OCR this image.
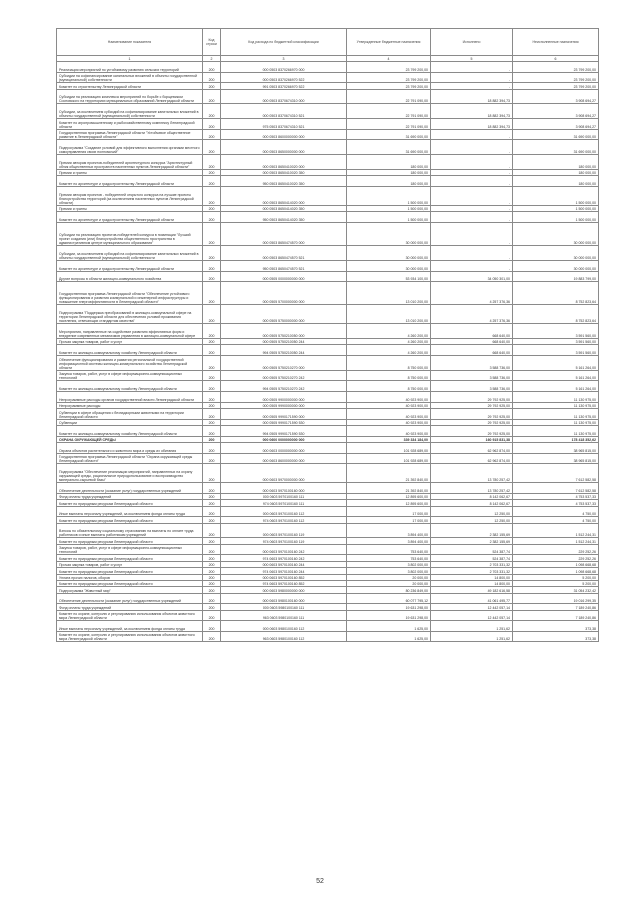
Наименование показателя	Код строки	Код расхода по бюджетной классификации	Утвержденные бюджетные назначения	Исполнено	Неисполненные назначения
1	2	3	4	5	6
Реализация мероприятий по устойчивому развитию сельских территорий	200	000 0503 8370266970 000	23 799 200,00	-	23 799 200,00
Субсидии на софинансирование капитальных вложений в объекты государственной (муниципальной) собственности	200	000 0503 8370266970 522	23 799 200,00	-	23 799 200,00
Комитет по строительству Ленинградской области	200	991 0503 8370266970 522	23 799 200,00	-	23 799 200,00
Субсидии на реализацию комплекса мероприятий по борьбе с борщевиком Сосновского на территориях муниципальных образований Ленинградской области	200	000 0503 8370674310 000	22 791 090,00	18 882 394,73	3 908 694,27
Субсидии, за исключением субсидий на софинансирование капитальных вложений в объекты государственной (муниципальной) собственности	200	000 0503 8370674310 521	22 791 090,00	18 882 394,73	3 908 694,27
Комитет по агропромышленному и рыбохозяйственному комплексу Ленинградской области	200	975 0503 8370674310 521	22 791 090,00	18 882 394,73	3 908 694,27
Государственная программа Ленинградской области "Устойчивое общественное развитие в Ленинградской области"	200	000 0503 8600000000 000	31 690 000,00	-	31 690 000,00
Подпрограмма "Создание условий для эффективного выполнения органами местного самоуправления своих полномочий"	200	000 0503 8650000000 000	31 690 000,00	-	31 690 000,00
Премии авторам проектов-победителей архитектурного конкурса "Архитектурный облик общественных пространств населенных пунктов Ленинградской области"	200	000 0503 8650410020 000	180 000,00	-	180 000,00
Премии и гранты	200	000 0503 8650410020 350	180 000,00	-	180 000,00
Комитет по архитектуре и градостроительству Ленинградской области	200	950 0503 8650410020 350	180 000,00	-	180 000,00
Премии авторам проектов - победителей открытого конкурса на лучшие проекты благоустройства территорий (за исключением населенных пунктов Ленинградской области)	200	000 0503 8650414020 000	1 500 000,00	-	1 500 000,00
Премии и гранты	200	000 0503 8650414020 350	1 500 000,00	-	1 500 000,00
Комитет по архитектуре и градостроительству Ленинградской области	200	950 0503 8650414020 350	1 500 000,00	-	1 500 000,00
Субсидии на реализацию проектов-победителей конкурса в номинации "Лучший проект создания (или) благоустройства общественного пространства в административном центре муниципального образования"	200	000 0503 8650474570 000	30 000 000,00	-	30 000 000,00
Субсидии, за исключением субсидий на софинансирование капитальных вложений в объекты государственной (муниципальной) собственности	200	000 0503 8650474570 521	30 000 000,00	-	30 000 000,00
Комитет по архитектуре и градостроительству Ленинградской области	200	950 0503 8650474570 521	30 000 000,00	-	30 000 000,00
Другие вопросы в области жилищно-коммунального хозяйства	200	000 0505 0000000000 000	53 934 100,00	34 050 301,00	19 883 799,00
Государственная программа Ленинградской области "Обеспечение устойчивого функционирования и развития коммунальной и инженерной инфраструктуры и повышение энергоэффективности в Ленинградской области"	200	000 0505 5700000000 000	13 010 200,00	4 257 376,36	8 752 823,64
Подпрограмма "Поддержка преобразований в жилищно-коммунальной сфере на территории Ленинградской области для обеспечения условий проживания населения, отвечающих стандартам качества"	200	000 0505 5750000000 000	13 010 200,00	4 257 376,36	8 752 823,64
Мероприятия, направленные на содействие развитию эффективных форм и внедрение современных механизмов управления в жилищно-коммунальной сфере	200	000 0505 5750210050 000	4 260 200,00	668 640,00	3 591 560,00
Прочая закупка товаров, работ и услуг	200	000 0505 5750210050 244	4 260 200,00	668 640,00	3 591 560,00
Комитет по жилищно-коммунальному хозяйству Ленинградской области	200	994 0505 5750210050 244	4 260 200,00	668 640,00	3 591 560,00
Обеспечение функционирования и развития региональной государственной информационной системы жилищно-коммунального хозяйства Ленинградской области	200	000 0505 5750210270 000	8 750 000,00	3 588 736,00	5 161 264,00
Закупка товаров, работ, услуг в сфере информационно-коммуникационных технологий	200	000 0505 5750210270 242	8 750 000,00	3 588 736,00	5 161 264,00
Комитет по жилищно-коммунальному хозяйству Ленинградской области	200	994 0505 5750210270 242	8 750 000,00	3 588 736,00	5 161 264,00
Непрограммные расходы органов государственной власти Ленинградской области	200	000 0505 9900000000 000	40 923 900,00	29 792 925,00	11 130 975,00
Непрограммные расходы	200	000 0505 9990000000 000	40 923 900,00	29 792 925,00	11 130 975,00
Субвенции в сфере обращения с безнадзорными животными на территории Ленинградской области	200	000 0505 9990171590 000	40 923 900,00	29 792 925,00	11 130 975,00
Субвенции	200	000 0505 9990171590 530	40 923 900,00	29 792 925,00	11 130 975,00
Комитет по жилищно-коммунальному хозяйству Ленинградской области	200	994 0505 9990171590 530	40 923 900,00	29 792 925,00	11 130 975,00
ОХРАНА ОКРУЖАЮЩЕЙ СРЕДЫ	200	000 0600 0000000000 000	339 334 184,00	160 915 831,38	178 418 352,62
Охрана объектов растительного и животного мира и среды их обитания	200	000 0603 0000000000 000	101 928 689,00	62 962 874,00	38 965 815,00
Государственная программа Ленинградской области "Охрана окружающей среды Ленинградской области"	200	000 0603 8600000000 000	101 928 689,00	62 962 874,00	38 965 815,00
Подпрограмма "Обеспечение реализации мероприятий, направленных на охрану окружающей среды, рациональное природопользование и воспроизводство минерально-сырьевой базы"	200	000 0603 5970000000 000	21 392 840,00	13 780 257,42	7 612 582,58
Обеспечение деятельности (оказание услуг) государственных учреждений	200	000 0603 5970100160 000	21 392 840,00	13 780 257,42	7 612 582,58
Фонд оплаты труда учреждений	200	000 0603 5970100160 111	12 895 600,00	8 142 062,67	4 753 537,33
Комитет по природным ресурсам Ленинградской области	200	974 0603 5970100160 111	12 895 600,00	8 142 062,67	4 753 537,33
Иные выплаты персоналу учреждений, за исключением фонда оплаты труда	200	000 0603 5970100160 112	17 000,00	12 250,00	4 750,00
Комитет по природным ресурсам Ленинградской области	200	974 0603 5970100160 112	17 000,00	12 250,00	4 750,00
Взносы по обязательному социальному страхованию на выплаты по оплате труда работников и иные выплаты работникам учреждений	200	000 0603 5970100160 119	3 894 400,00	2 382 155,69	1 512 244,31
Комитет по природным ресурсам Ленинградской области	200	974 0603 5970100160 119	3 894 400,00	2 382 155,69	1 512 244,31
Закупка товаров, работ, услуг в сфере информационно-коммуникационных технологий	200	000 0603 5970100160 242	753 640,00	524 387,74	229 252,26
Комитет по природным ресурсам Ленинградской области	200	974 0603 5970100160 242	753 640,00	524 387,74	229 252,26
Прочая закупка товаров, работ и услуг	200	000 0603 5970100160 244	3 802 000,00	2 703 331,32	1 098 668,68
Комитет по природным ресурсам Ленинградской области	200	974 0603 5970100160 244	3 802 000,00	2 703 331,32	1 098 668,68
Уплата прочих налогов, сборов	200	000 0603 5970100160 852	20 000,00	14 800,00	5 200,00
Комитет по природным ресурсам Ленинградской области	200	974 0603 5970100160 852	20 000,00	14 800,00	5 200,00
Подпрограмма "Животный мир"	200	000 0603 5980000000 000	80 236 849,00	49 182 616,58	31 054 232,42
Обеспечение деятельности (оказание услуг) государственных учреждений	200	000 0603 5980100160 000	60 077 795,12	41 061 495,77	19 016 299,35
Фонд оплаты труда учреждений	200	000 0603 5980100160 111	19 631 298,00	12 442 057,14	7 189 240,86
Комитет по охране, контролю и регулированию использования объектов животного мира Ленинградской области	200	963 0603 5980100160 111	19 631 298,00	12 442 057,14	7 189 240,86
Иные выплаты персоналу учреждений, за исключением фонда оплаты труда	200	000 0603 5980100160 112	1 625,00	1 251,62	373,38
Комитет по охране, контролю и регулированию использования объектов животного мира Ленинградской области	200	963 0603 5980100160 112	1 625,00	1 251,62	373,38
52
